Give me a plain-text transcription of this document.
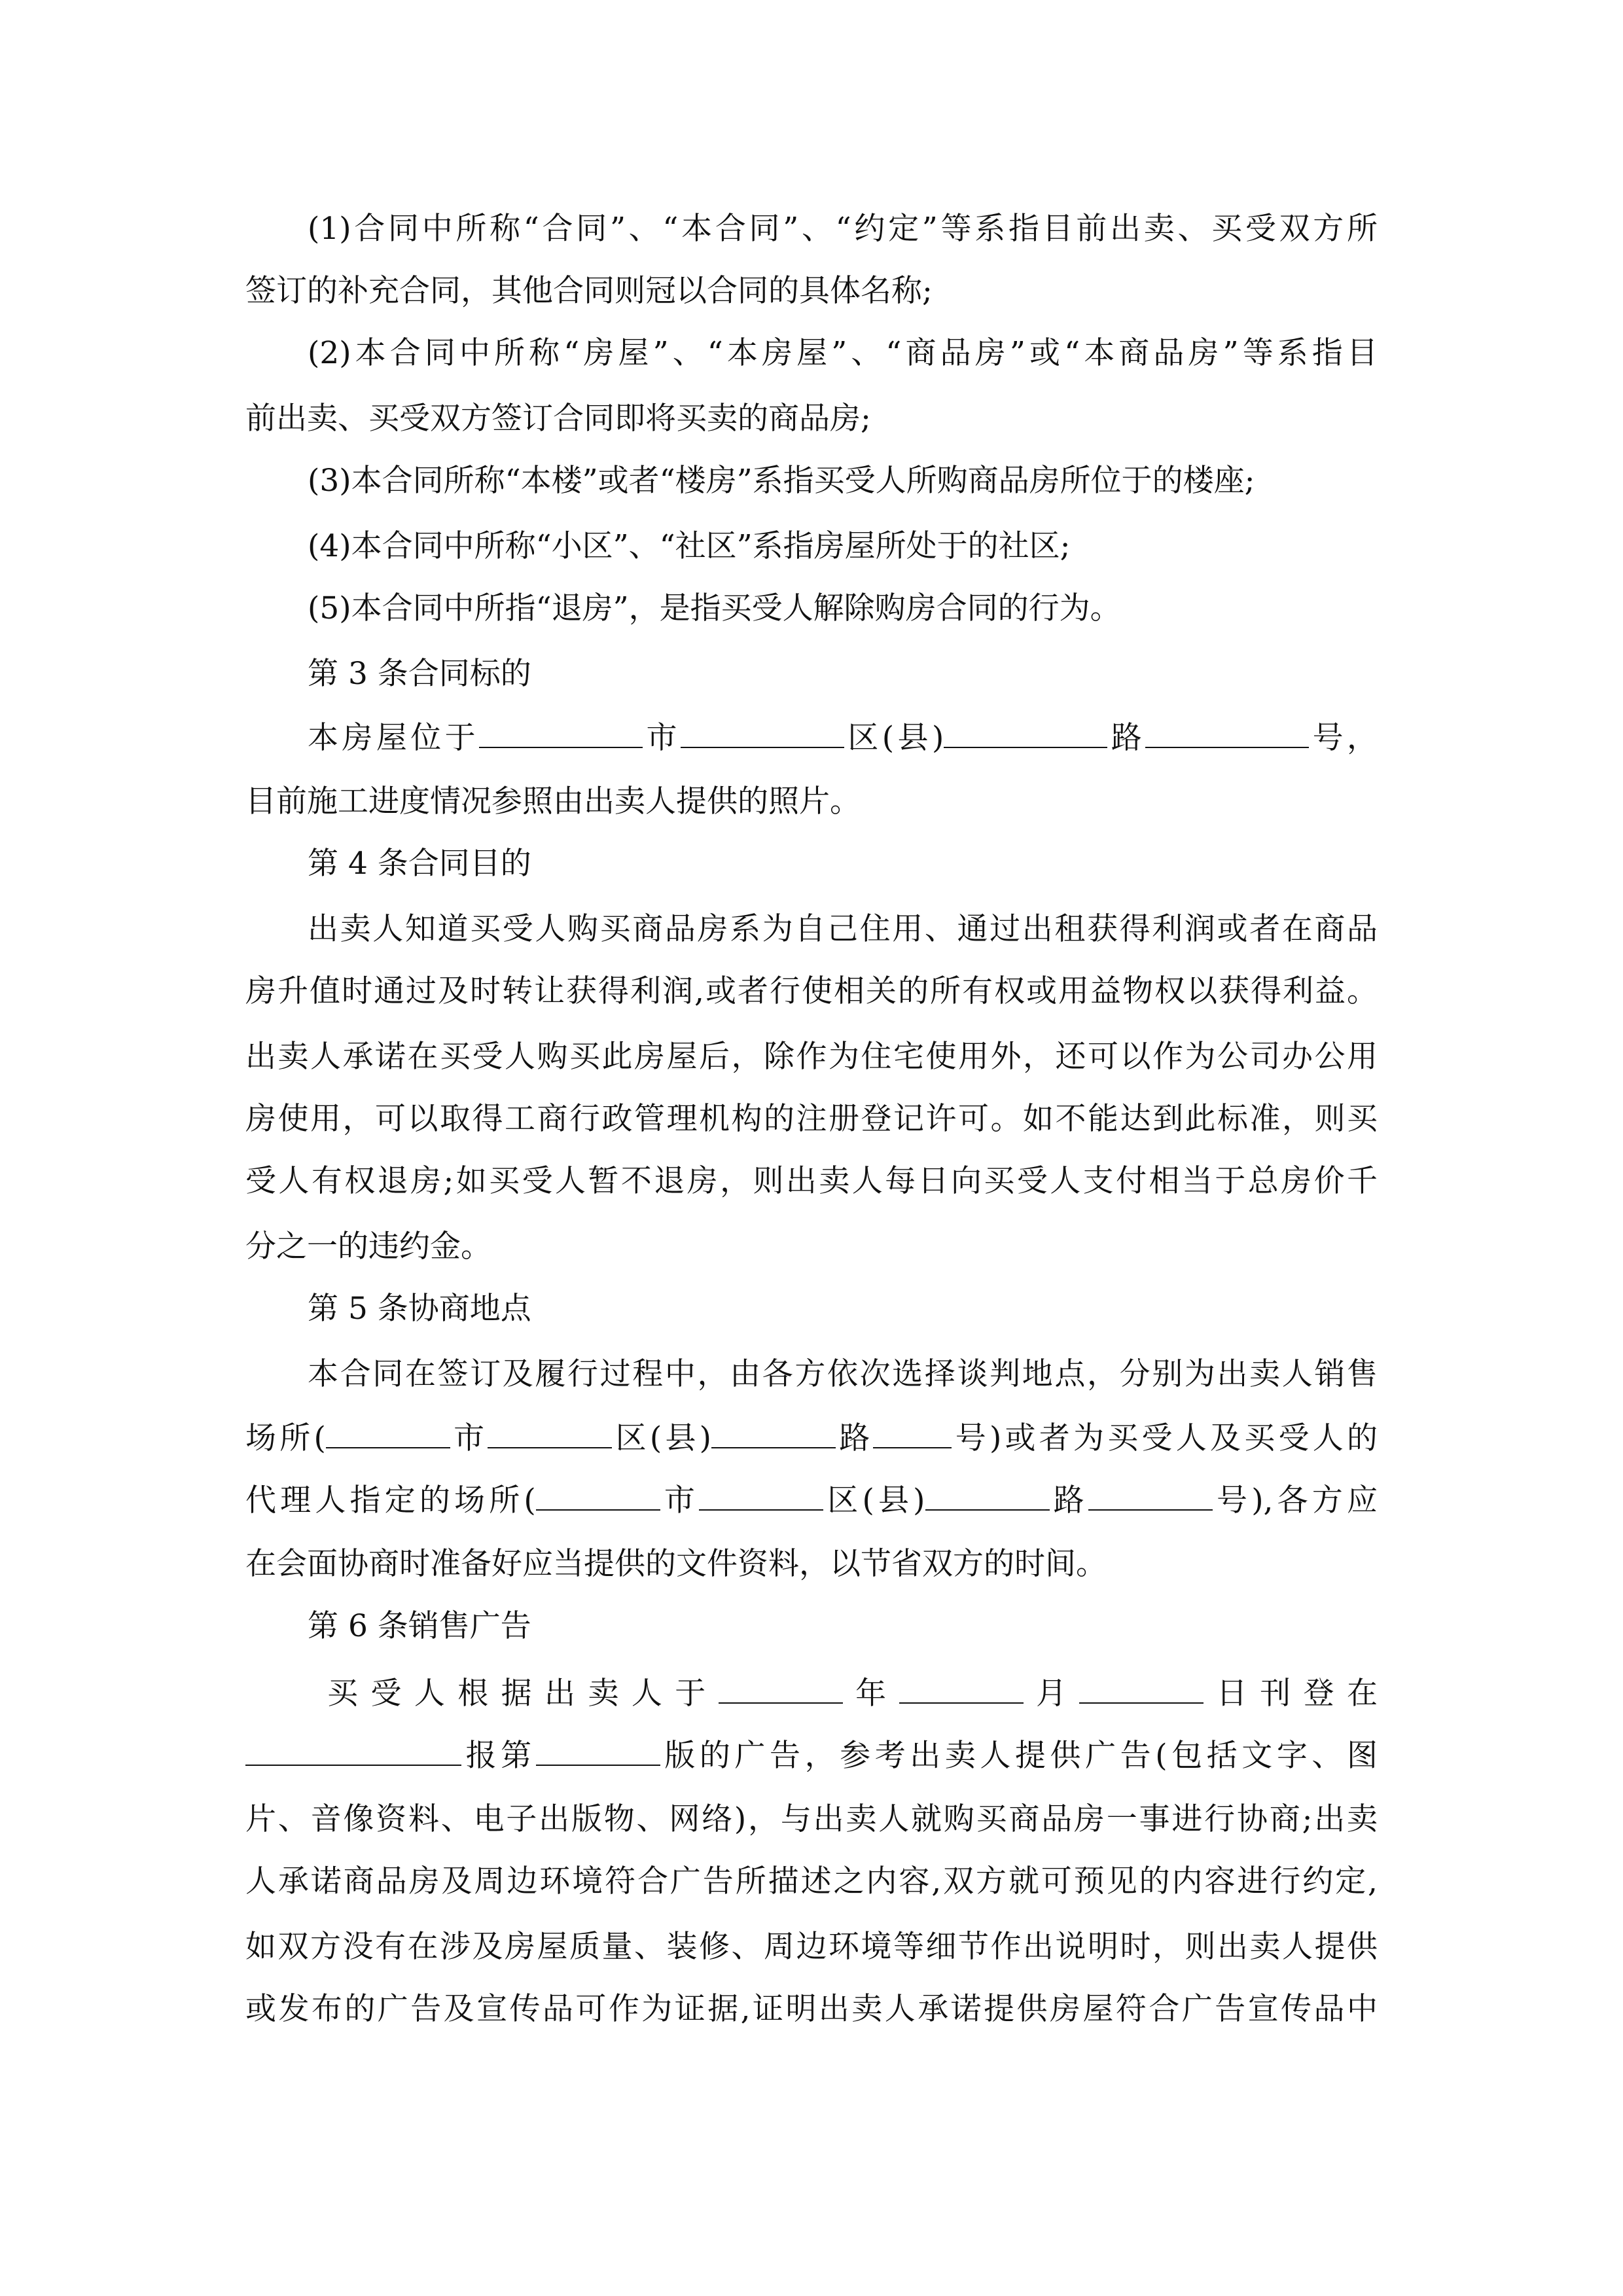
(1)合同中所称“合同”、“本合同”、“约定”等系指目前出卖、买受双方所
签订的补充合同，其他合同则冠以合同的具体名称;
(2)本合同中所称“房屋”、“本房屋”、“商品房”或“本商品房”等系指目
前出卖、买受双方签订合同即将买卖的商品房;
(3)本合同所称“本楼”或者“楼房”系指买受人所购商品房所位于的楼座;
(4)本合同中所称“小区”、“社区”系指房屋所处于的社区;
(5)本合同中所指“退房”，是指买受人解除购房合同的行为。
第 3 条合同标的
本房屋位于	市	区(县)	路	号，
目前施工进度情况参照由出卖人提供的照片。
第 4 条合同目的
出卖人知道买受人购买商品房系为自己住用、通过出租获得利润或者在商品
房升值时通过及时转让获得利润,或者行使相关的所有权或用益物权以获得利益。
出卖人承诺在买受人购买此房屋后，除作为住宅使用外，还可以作为公司办公用
房使用，可以取得工商行政管理机构的注册登记许可。如不能达到此标准，则买
受人有权退房;如买受人暂不退房，则出卖人每日向买受人支付相当于总房价千
分之一的违约金。
第 5 条协商地点
本合同在签订及履行过程中，由各方依次选择谈判地点，分别为出卖人销售
场所(	市	区(县)	路	号)或者为买受人及买受人的
代理人指定的场所(	市	区(县)	路	号),各方应
在会面协商时准备好应当提供的文件资料，以节省双方的时间。
第 6 条销售广告
买受人根据出卖人于	年	月	日刊登在
报第	版的广告，参考出卖人提供广告(包括文字、图
片、音像资料、电子出版物、网络)，与出卖人就购买商品房一事进行协商;出卖
人承诺商品房及周边环境符合广告所描述之内容,双方就可预见的内容进行约定,
如双方没有在涉及房屋质量、装修、周边环境等细节作出说明时，则出卖人提供
或发布的广告及宣传品可作为证据,证明出卖人承诺提供房屋符合广告宣传品中
